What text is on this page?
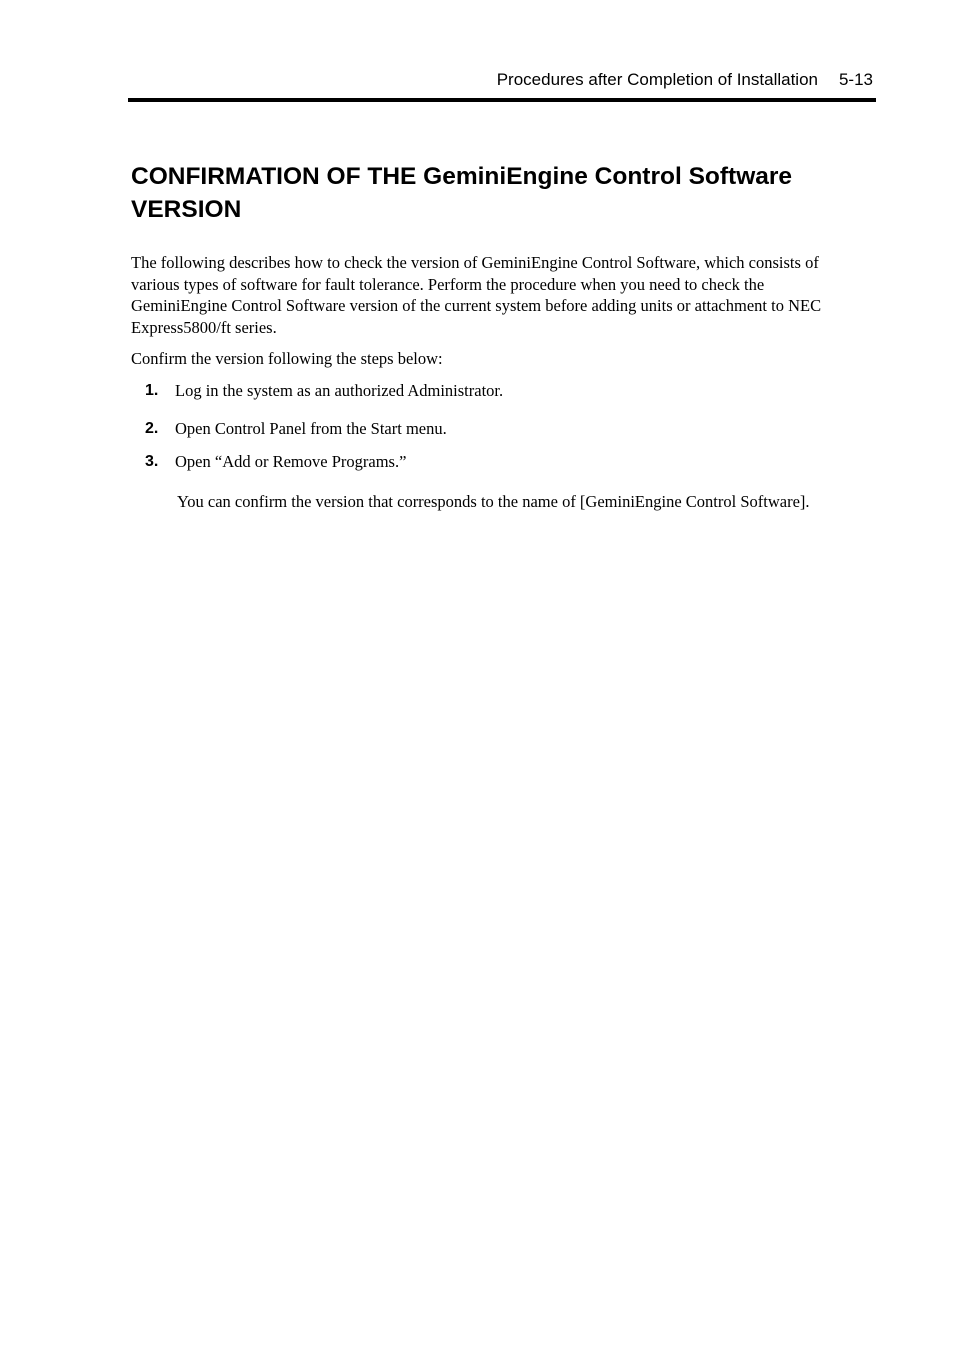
Procedures after Completion of Installation 5-13
CONFIRMATION OF THE GeminiEngine Control Software VERSION

The following describes how to check the version of GeminiEngine Control Software, which consists of various types of software for fault tolerance. Perform the procedure when you need to check the GeminiEngine Control Software version of the current system before adding units or attachment to NEC Express5800/ft series.

Confirm the version following the steps below:

1. Log in the system as an authorized Administrator.
2. Open Control Panel from the Start menu.
3. Open “Add or Remove Programs.”
You can confirm the version that corresponds to the name of [GeminiEngine Control Software].
